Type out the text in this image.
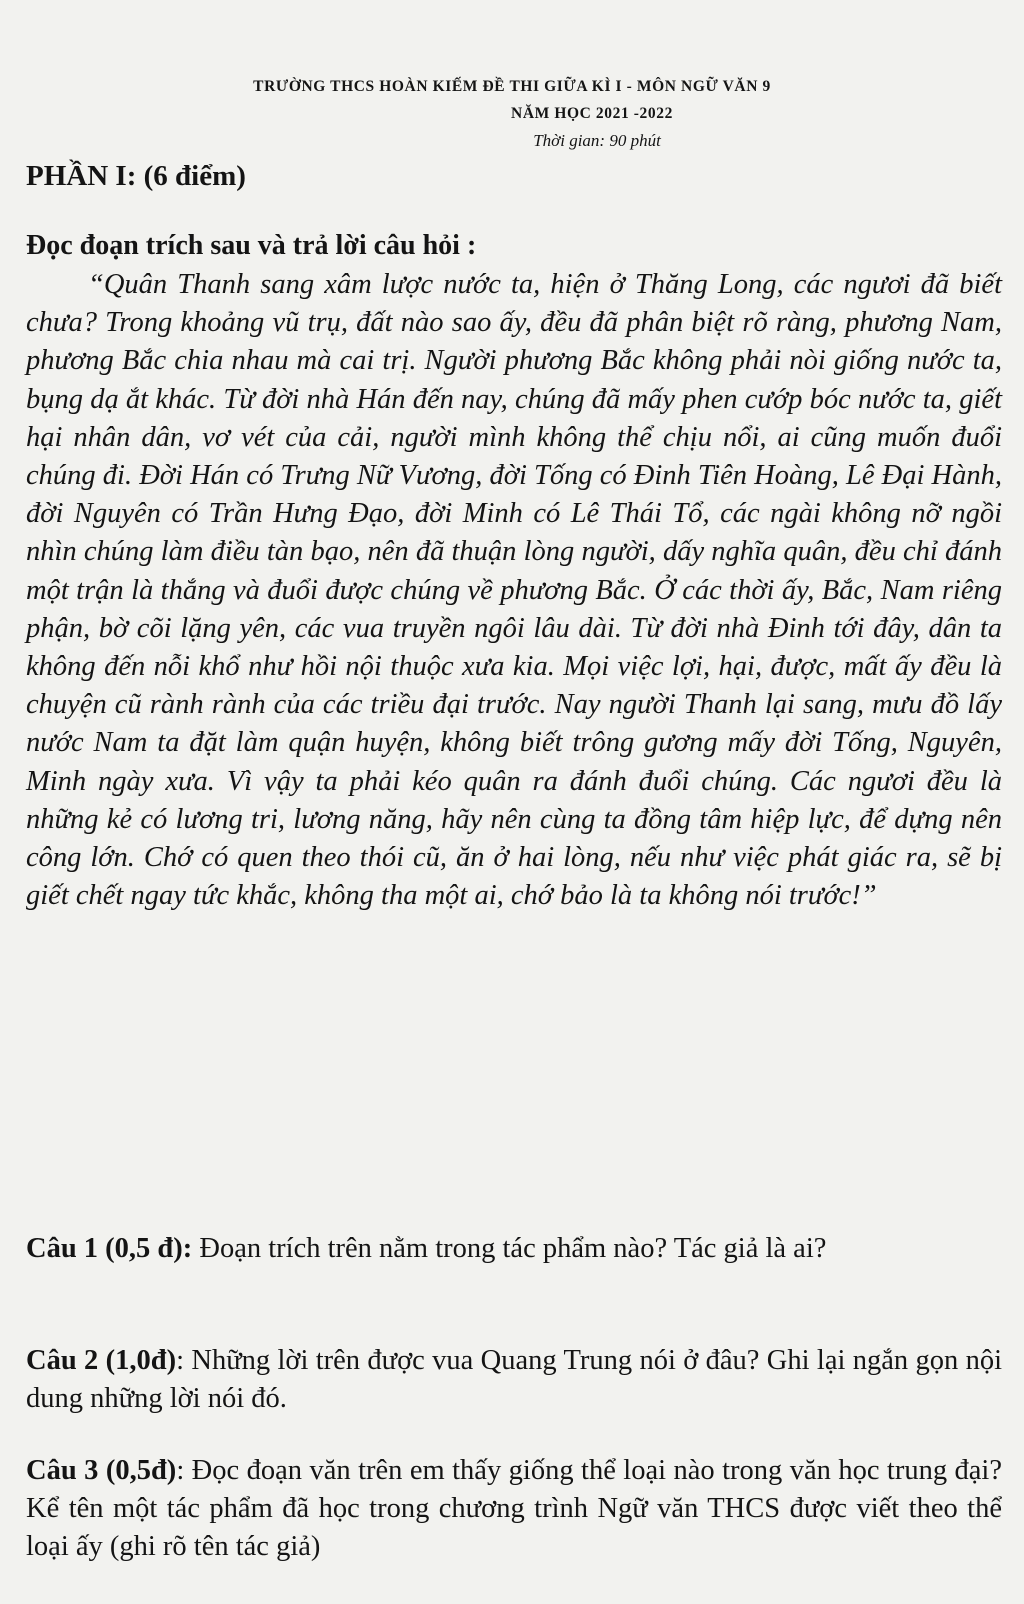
TRƯỜNG THCS HOÀN KIẾM ĐỀ THI GIỮA KÌ I - MÔN NGỮ VĂN 9
NĂM HỌC 2021 -2022
Thời gian: 90 phút
PHẦN I: (6 điểm)
Đọc đoạn trích sau và trả lời câu hỏi :

“Quân Thanh sang xâm lược nước ta, hiện ở Thăng Long, các ngươi đã biết chưa? Trong khoảng vũ trụ, đất nào sao ấy, đều đã phân biệt rõ ràng, phương Nam, phương Bắc chia nhau mà cai trị. Người phương Bắc không phải nòi giống nước ta, bụng dạ ắt khác. Từ đời nhà Hán đến nay, chúng đã mấy phen cướp bóc nước ta, giết hại nhân dân, vơ vét của cải, người mình không thể chịu nổi, ai cũng muốn đuổi chúng đi. Đời Hán có Trưng Nữ Vương, đời Tống có Đinh Tiên Hoàng, Lê Đại Hành, đời Nguyên có Trần Hưng Đạo, đời Minh có Lê Thái Tổ, các ngài không nỡ ngồi nhìn chúng làm điều tàn bạo, nên đã thuận lòng người, dấy nghĩa quân, đều chỉ đánh một trận là thắng và đuổi được chúng về phương Bắc. Ở các thời ấy, Bắc, Nam riêng phận, bờ cõi lặng yên, các vua truyền ngôi lâu dài. Từ đời nhà Đinh tới đây, dân ta không đến nỗi khổ như hồi nội thuộc xưa kia. Mọi việc lợi, hại, được, mất ấy đều là chuyện cũ rành rành của các triều đại trước. Nay người Thanh lại sang, mưu đồ lấy nước Nam ta đặt làm quận huyện, không biết trông gương mấy đời Tống, Nguyên, Minh ngày xưa. Vì vậy ta phải kéo quân ra đánh đuổi chúng. Các ngươi đều là những kẻ có lương tri, lương năng, hãy nên cùng ta đồng tâm hiệp lực, để dựng nên công lớn. Chớ có quen theo thói cũ, ăn ở hai lòng, nếu như việc phát giác ra, sẽ bị giết chết ngay tức khắc, không tha một ai, chớ bảo là ta không nói trước!”

Câu 1 (0,5 đ): Đoạn trích trên nằm trong tác phẩm nào? Tác giả là ai?

Câu 2 (1,0đ): Những lời trên được vua Quang Trung nói ở đâu? Ghi lại ngắn gọn nội dung những lời nói đó.

Câu 3 (0,5đ): Đọc đoạn văn trên em thấy giống thể loại nào trong văn học trung đại? Kể tên một tác phẩm đã học trong chương trình Ngữ văn THCS được viết theo thể loại ấy (ghi rõ tên tác giả)
